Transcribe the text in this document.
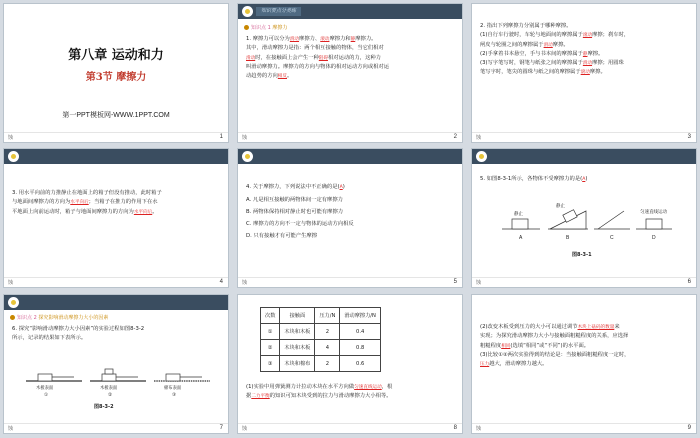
第八章 运动和力
第3节 摩擦力
第一PPT模板网-WWW.1PPT.COM
蚀	1
知识要点分类练
知识点 1 摩擦力
1. 摩擦力可以分为滑动摩擦力、滚动摩擦力和静摩擦力。
其中，滑动摩擦力是指：两个相互接触的物体，当它们相对
滑动时，在接触面上会产生一种阻碍相对运动的力，这种力
叫滑动摩擦力。摩擦力的方向与物体的相对运动方向或相对运
动趋势的方向相反。
蚀	2
2. 指出下列摩擦力分别属于哪种摩擦。
(1)自行车行驶时，车轮与地面间的摩擦属于滚动摩擦；刹车时，
闸皮与轮圈之间的摩擦属于滑动摩擦。
(2)手拿着书本悬空，手与书本间的摩擦属于静摩擦。
(3)写字笔写时，钢笔与纸张之间的摩擦属于滑动摩擦；用圆珠
笔写字时，笔尖的圆珠与纸之间的摩擦属于滚动摩擦。
蚀	3
3. 用水平向前的力推静止在地面上的箱子但没有推动，此时箱子
与地面间摩擦力的方向为水平向后；当箱子在推力的作用下在水
平地面上向前运动时，箱子与地面间摩擦力的方向为水平向后。
蚀	4
4. 关于摩擦力，下列说法中不正确的是(A)
A. 凡是相互接触的两物体间一定有摩擦力
B. 两物体保持相对静止时也可能有摩擦力
C. 摩擦力的方向不一定与物体的运动方向相反
D. 只有接触才有可能产生摩擦
蚀	5
5. 如图8-3-1所示，各物体不受摩擦力的是(A)
静止
静止
匀速直线运动
A	B	C	D
图8-3-1
蚀	6
知识点 2 探究影响滑动摩擦力大小的因素
6. 探究“影响滑动摩擦力大小因素”的实验过程如图8-3-2
所示，记录的结果如下表所示。
木板表面	木板表面	棉布表面
①	②	③
图8-3-2
蚀	7
次数	接触面	压力/N	滑动摩擦力/N
①	木块和木板	2	0.4
②	木块和木板	4	0.8
③	木块和棉布	2	0.6
(1)实验中用弹簧测力计拉动木块在水平方向做匀速直线运动，根
据二力平衡的知识可知木块受到的拉力与滑动摩擦力大小相等。
蚀	8
(2)改变木板受到压力的大小可以通过调节木块上砝码的数量来
实现；为探究滑动摩擦力大小与接触面粗糙程度的关系，应选择
粗糙程度相同(选填“相同”或“不同”)的水平面。
(3)比较①②两次实验得到的结论是：当接触面粗糙程度一定时，
压力越大，滑动摩擦力越大。
蚀	9
